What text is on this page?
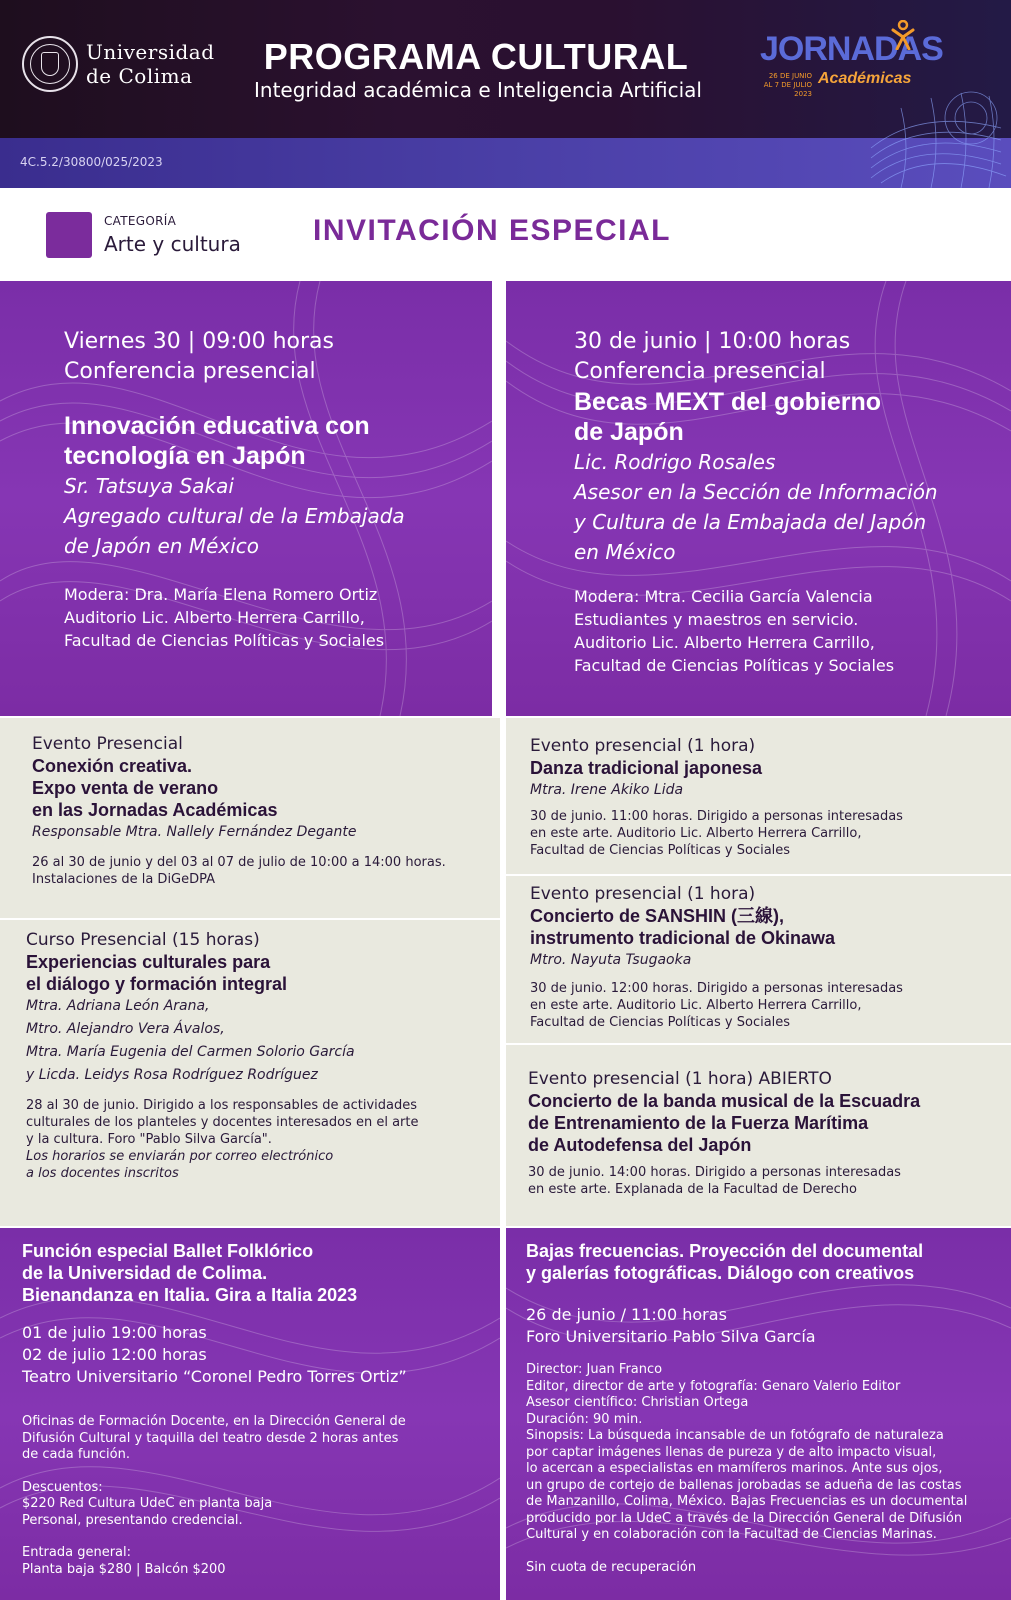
Universidad
de Colima	PROGRAMA CULTURAL
Integridad académica e Inteligencia Artificial
JORNADAS
26 DE JUNIO
AL 7 DE JULIO
2023
Académicas
4C.5.2/30800/025/2023
CATEGORÍA
Arte y cultura INVITACIÓN ESPECIAL
Viernes 30 | 09:00 horas
Conferencia presencial
Innovación educativa con
tecnología en Japón
Sr. Tatsuya Sakai
Agregado cultural de la Embajada
de Japón en México
Modera: Dra. María Elena Romero Ortiz
Auditorio Lic. Alberto Herrera Carrillo,
Facultad de Ciencias Políticas y Sociales
30 de junio | 10:00 horas
Conferencia presencial
Becas MEXT del gobierno
de Japón
Lic. Rodrigo Rosales
Asesor en la Sección de Información
y Cultura de la Embajada del Japón
en México
Modera: Mtra. Cecilia García Valencia
Estudiantes y maestros en servicio.
Auditorio Lic. Alberto Herrera Carrillo,
Facultad de Ciencias Políticas y Sociales
Evento Presencial
Conexión creativa.
Expo venta de verano
en las Jornadas Académicas
Responsable Mtra. Nallely Fernández Degante
26 al 30 de junio y del 03 al 07 de julio de 10:00 a 14:00 horas.
Instalaciones de la DiGeDPA
Curso Presencial (15 horas)
Experiencias culturales para
el diálogo y formación integral
Mtra. Adriana León Arana,
Mtro. Alejandro Vera Ávalos,
Mtra. María Eugenia del Carmen Solorio García
y Licda. Leidys Rosa Rodríguez Rodríguez
28 al 30 de junio. Dirigido a los responsables de actividades
culturales de los planteles y docentes interesados en el arte
y la cultura. Foro "Pablo Silva García".
Los horarios se enviarán por correo electrónico
a los docentes inscritos
Evento presencial (1 hora)
Danza tradicional japonesa
Mtra. Irene Akiko Lida
30 de junio. 11:00 horas. Dirigido a personas interesadas
en este arte. Auditorio Lic. Alberto Herrera Carrillo,
Facultad de Ciencias Políticas y Sociales
Evento presencial (1 hora)
Concierto de SANSHIN (三線),
instrumento tradicional de Okinawa
Mtro. Nayuta Tsugaoka
30 de junio. 12:00 horas. Dirigido a personas interesadas
en este arte. Auditorio Lic. Alberto Herrera Carrillo,
Facultad de Ciencias Políticas y Sociales
Evento presencial (1 hora) ABIERTO
Concierto de la banda musical de la Escuadra
de Entrenamiento de la Fuerza Marítima
de Autodefensa del Japón
30 de junio. 14:00 horas. Dirigido a personas interesadas
en este arte. Explanada de la Facultad de Derecho
Función especial Ballet Folklórico
de la Universidad de Colima.
Bienandanza en Italia. Gira a Italia 2023
01 de julio 19:00 horas
02 de julio 12:00 horas
Teatro Universitario “Coronel Pedro Torres Ortiz”
Oficinas de Formación Docente, en la Dirección General de
Difusión Cultural y taquilla del teatro desde 2 horas antes
de cada función.
Descuentos:
$220 Red Cultura UdeC en planta baja
Personal, presentando credencial.
Entrada general:
Planta baja $280 | Balcón $200
Bajas frecuencias. Proyección del documental
y galerías fotográficas. Diálogo con creativos
26 de junio / 11:00 horas
Foro Universitario Pablo Silva García
Director: Juan Franco
Editor, director de arte y fotografía: Genaro Valerio Editor
Asesor científico: Christian Ortega
Duración: 90 min.
Sinopsis: La búsqueda incansable de un fotógrafo de naturaleza
por captar imágenes llenas de pureza y de alto impacto visual,
lo acercan a especialistas en mamíferos marinos. Ante sus ojos,
un grupo de cortejo de ballenas jorobadas se adueña de las costas
de Manzanillo, Colima, México. Bajas Frecuencias es un documental
producido por la UdeC a través de la Dirección General de Difusión
Cultural y en colaboración con la Facultad de Ciencias Marinas.
Sin cuota de recuperación
